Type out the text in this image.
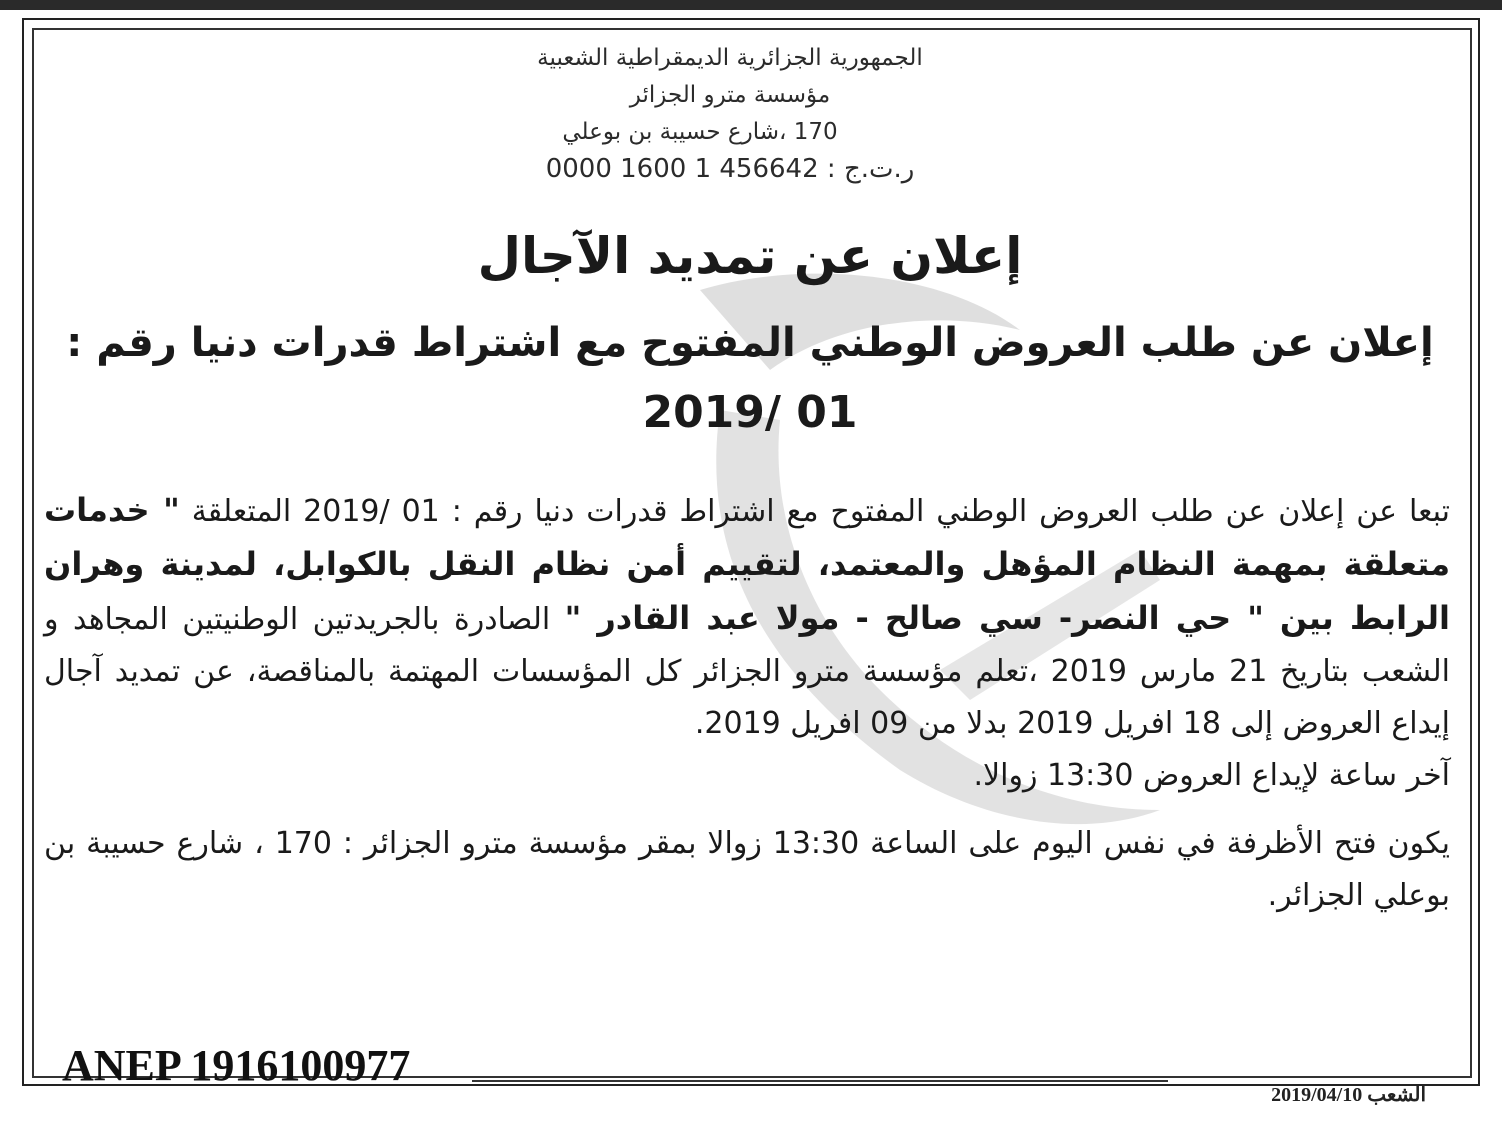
الجمهورية الجزائرية الديمقراطية الشعبية
مؤسسة مترو الجزائر
170 ،شارع حسيبة بن بوعلي
ر.ت.ج : 456642 1 1600 0000
إعلان عن تمديد الآجال
إعلان عن طلب العروض الوطني المفتوح مع اشتراط قدرات دنيا رقم :
2019/ 01

تبعا عن إعلان عن طلب العروض الوطني المفتوح مع اشتراط قدرات دنيا رقم : 01 /2019 المتعلقة " خدمات متعلقة بمهمة النظام المؤهل والمعتمد، لتقييم أمن نظام النقل بالكوابل، لمدينة وهران الرابط بين " حي النصر- سي صالح - مولا عبد القادر " الصادرة بالجريدتين الوطنيتين المجاهد و الشعب بتاريخ 21 مارس 2019 ،تعلم مؤسسة مترو الجزائر كل المؤسسات المهتمة بالمناقصة، عن تمديد آجال إيداع العروض إلى 18 افريل 2019 بدلا من 09 افريل 2019.

آخر ساعة لإيداع العروض 13:30 زوالا.

يكون فتح الأظرفة في نفس اليوم على الساعة 13:30 زوالا بمقر مؤسسة مترو الجزائر : 170 ، شارع حسيبة بن بوعلي الجزائر.

ANEP 1916100977
الشعب 2019/04/10
